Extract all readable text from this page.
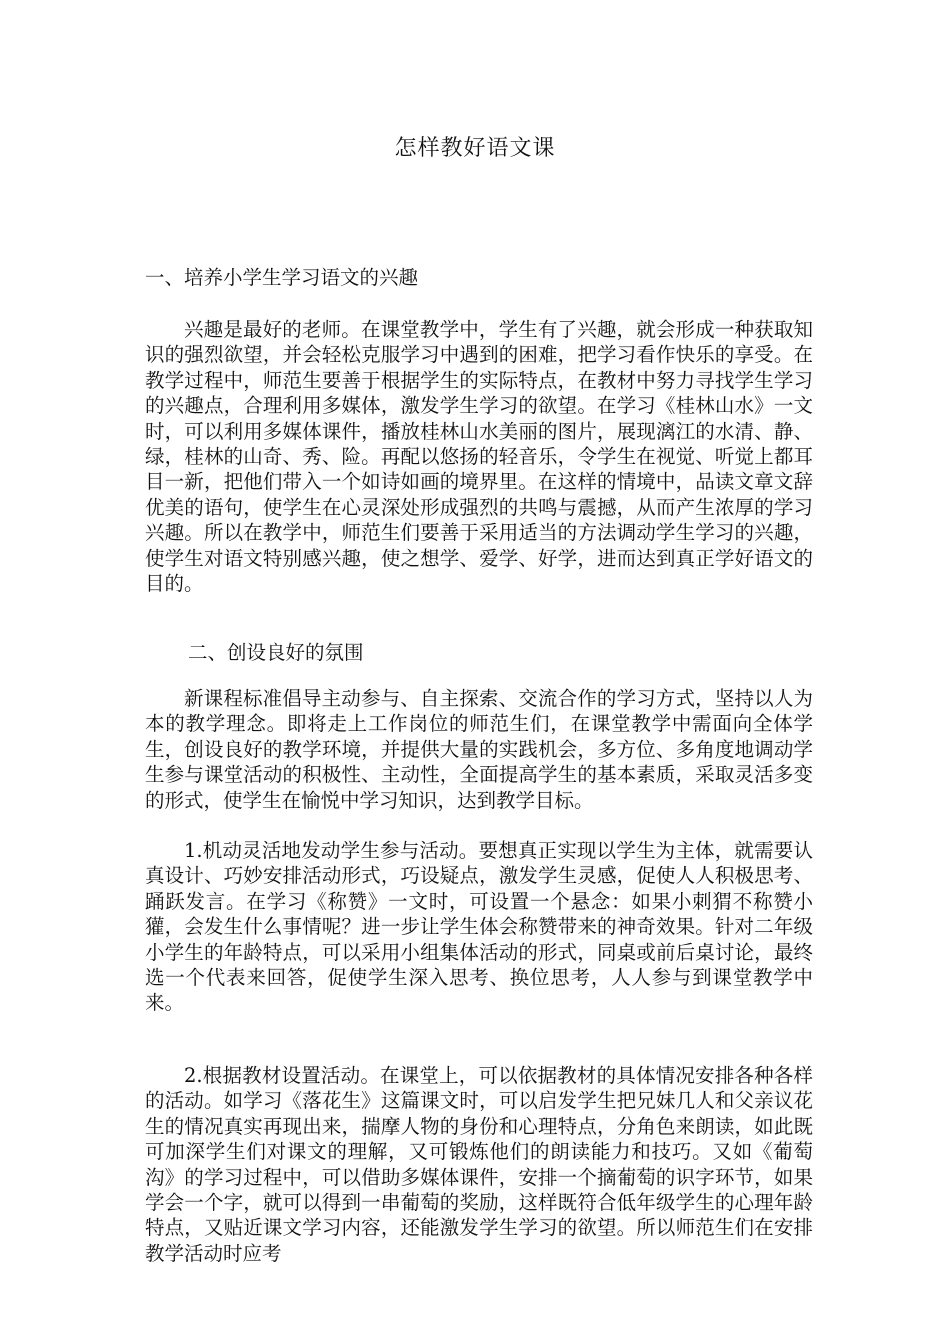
怎样教好语文课
一、培养小学生学习语文的兴趣
兴趣是最好的老师。在课堂教学中，学生有了兴趣，就会形成一种获取知识的强烈欲望，并会轻松克服学习中遇到的困难，把学习看作快乐的享受。在教学过程中，师范生要善于根据学生的实际特点，在教材中努力寻找学生学习的兴趣点，合理利用多媒体，激发学生学习的欲望。在学习《桂林山水》一文时，可以利用多媒体课件，播放桂林山水美丽的图片，展现漓江的水清、静、绿，桂林的山奇、秀、险。再配以悠扬的轻音乐，令学生在视觉、听觉上都耳目一新，把他们带入一个如诗如画的境界里。在这样的情境中，品读文章文辞优美的语句，使学生在心灵深处形成强烈的共鸣与震撼，从而产生浓厚的学习兴趣。所以在教学中，师范生们要善于采用适当的方法调动学生学习的兴趣，使学生对语文特别感兴趣，使之想学、爱学、好学，进而达到真正学好语文的目的。
二、创设良好的氛围
新课程标准倡导主动参与、自主探索、交流合作的学习方式，坚持以人为本的教学理念。即将走上工作岗位的师范生们，在课堂教学中需面向全体学生，创设良好的教学环境，并提供大量的实践机会，多方位、多角度地调动学生参与课堂活动的积极性、主动性，全面提高学生的基本素质，采取灵活多变的形式，使学生在愉悦中学习知识，达到教学目标。
1.机动灵活地发动学生参与活动。要想真正实现以学生为主体，就需要认真设计、巧妙安排活动形式，巧设疑点，激发学生灵感，促使人人积极思考、踊跃发言。在学习《称赞》一文时，可设置一个悬念：如果小刺猬不称赞小獾，会发生什么事情呢？进一步让学生体会称赞带来的神奇效果。针对二年级小学生的年龄特点，可以采用小组集体活动的形式，同桌或前后桌讨论，最终选一个代表来回答，促使学生深入思考、换位思考，人人参与到课堂教学中来。
2.根据教材设置活动。在课堂上，可以依据教材的具体情况安排各种各样的活动。如学习《落花生》这篇课文时，可以启发学生把兄妹几人和父亲议花生的情况真实再现出来，揣摩人物的身份和心理特点，分角色来朗读，如此既可加深学生们对课文的理解，又可锻炼他们的朗读能力和技巧。又如《葡萄沟》的学习过程中，可以借助多媒体课件，安排一个摘葡萄的识字环节，如果学会一个字，就可以得到一串葡萄的奖励，这样既符合低年级学生的心理年龄特点，又贴近课文学习内容，还能激发学生学习的欲望。所以师范生们在安排教学活动时应考
